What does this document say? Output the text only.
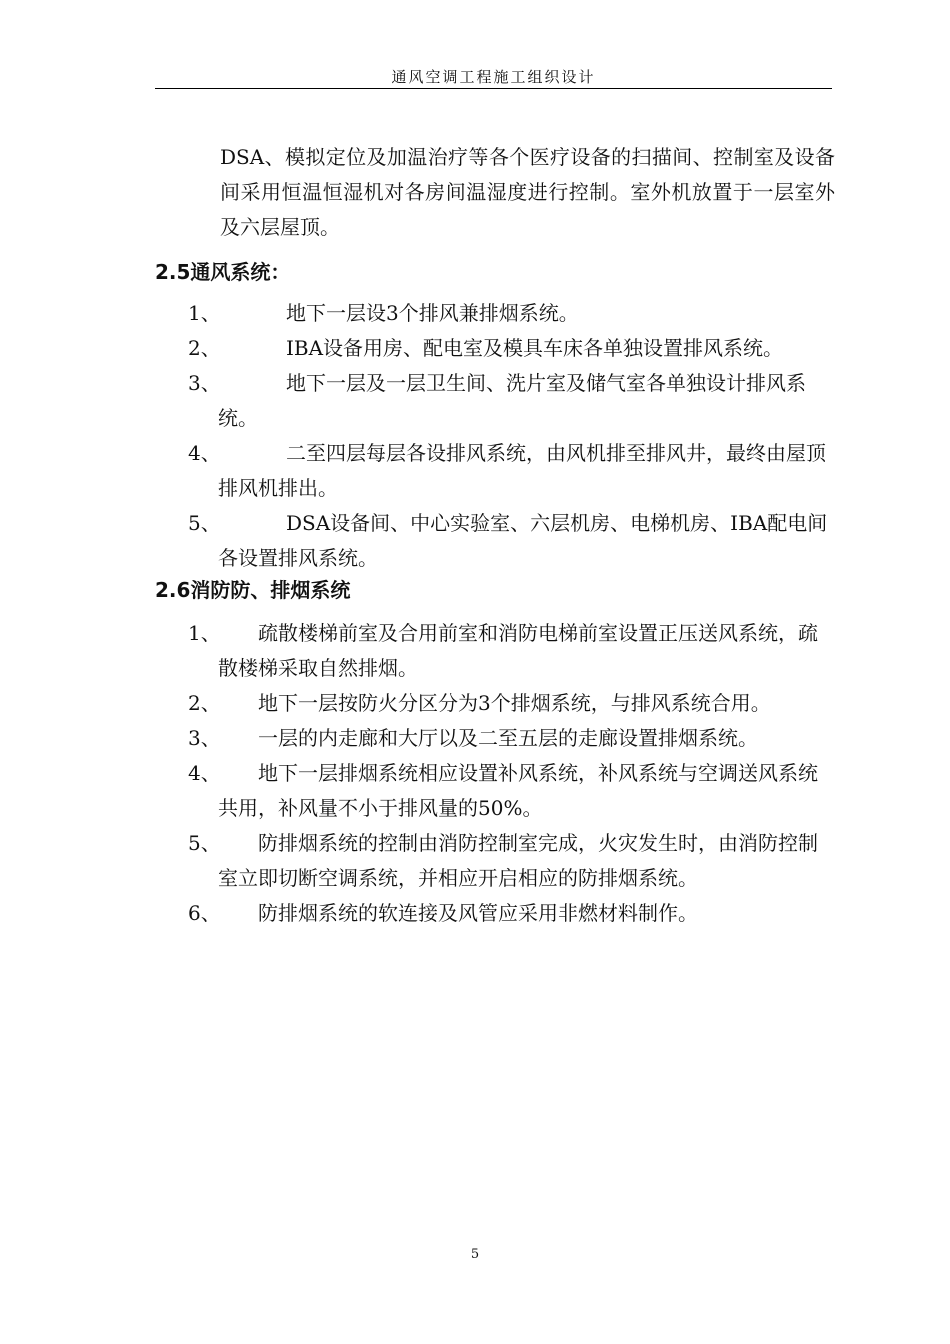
通风空调工程施工组织设计
DSA、模拟定位及加温治疗等各个医疗设备的扫描间、控制室及设备间采用恒温恒湿机对各房间温湿度进行控制。室外机放置于一层室外及六层屋顶。
2.5通风系统：
1、	地下一层设3个排风兼排烟系统。
2、	IBA设备用房、配电室及模具车床各单独设置排风系统。
3、	地下一层及一层卫生间、洗片室及储气室各单独设计排风系统。
4、	二至四层每层各设排风系统，由风机排至排风井，最终由屋顶排风机排出。
5、	DSA设备间、中心实验室、六层机房、电梯机房、IBA配电间各设置排风系统。
2.6消防防、排烟系统
1、	疏散楼梯前室及合用前室和消防电梯前室设置正压送风系统，疏散楼梯采取自然排烟。
2、	地下一层按防火分区分为3个排烟系统，与排风系统合用。
3、	一层的内走廊和大厅以及二至五层的走廊设置排烟系统。
4、	地下一层排烟系统相应设置补风系统，补风系统与空调送风系统共用，补风量不小于排风量的50%。
5、	防排烟系统的控制由消防控制室完成，火灾发生时，由消防控制室立即切断空调系统，并相应开启相应的防排烟系统。
6、	防排烟系统的软连接及风管应采用非燃材料制作。
5
